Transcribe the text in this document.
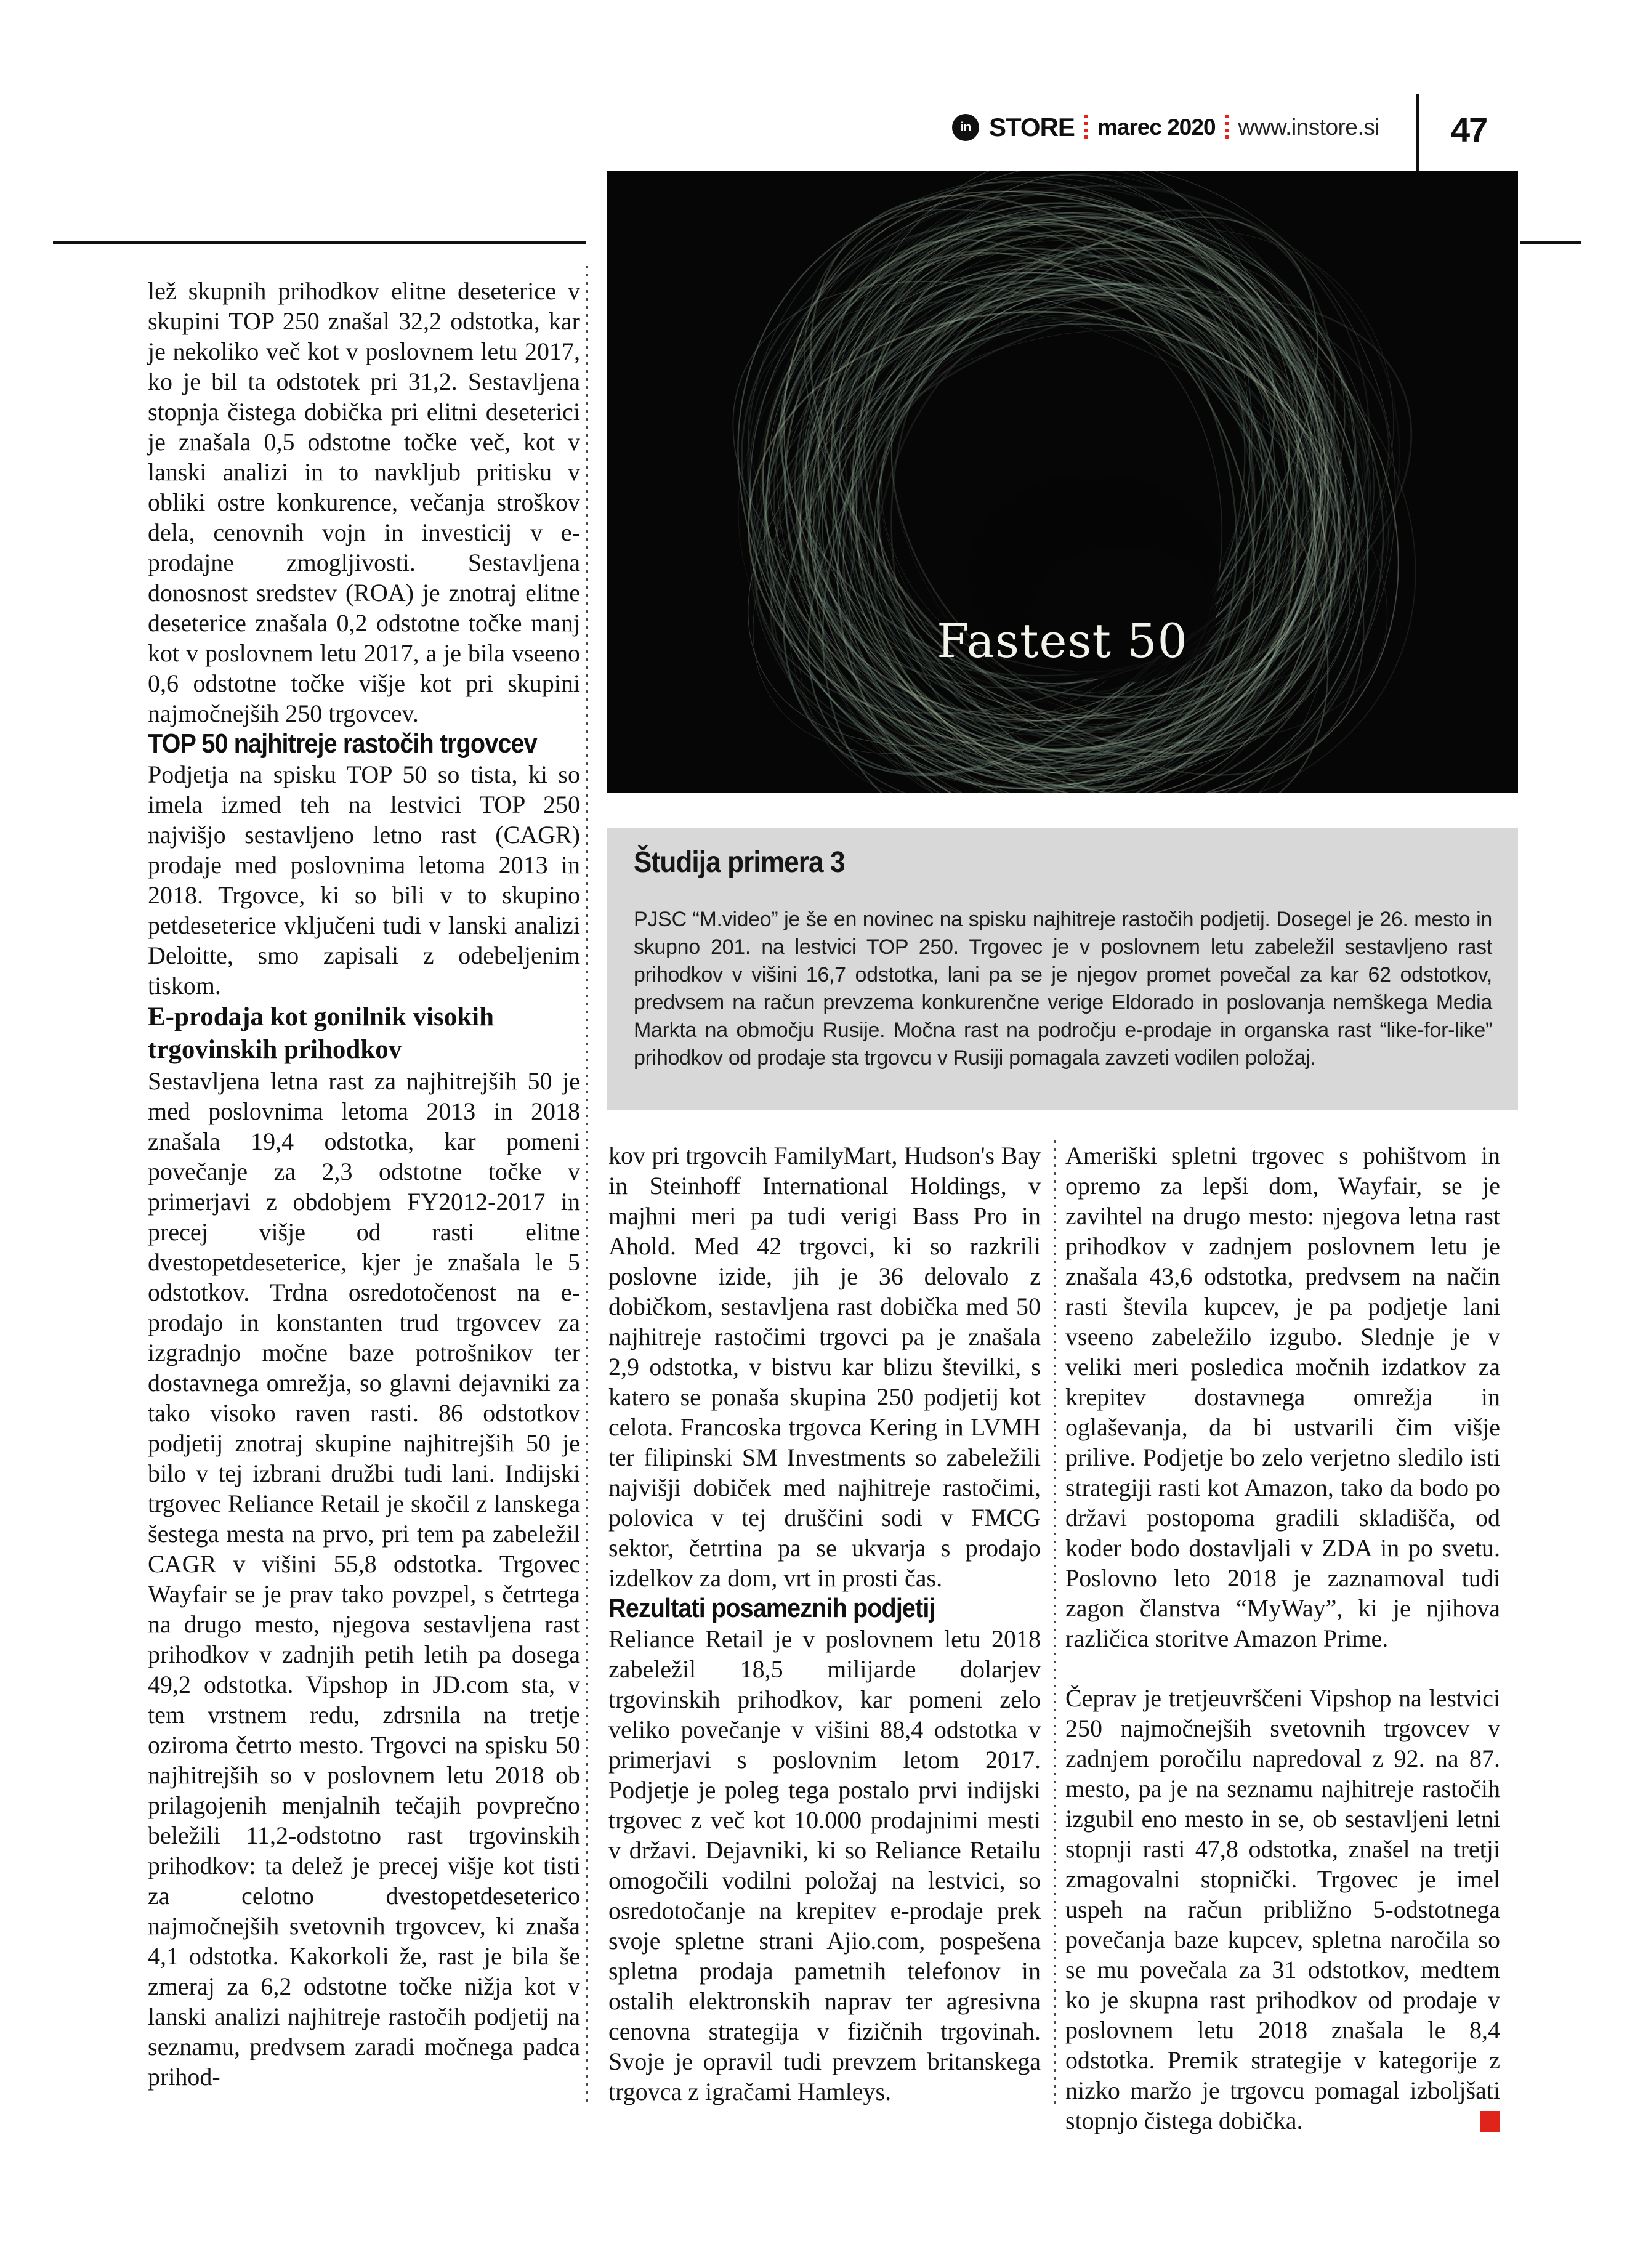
in STORE marec 2020 www.instore.si 47
Fastest 50
Študija primera 3
PJSC “M.video” je še en novinec na spisku najhitreje rastočih podjetij. Dosegel je 26. mesto in skupno 201. na lestvici TOP 250. Trgovec je v poslovnem letu zabeležil sestavljeno rast prihodkov v višini 16,7 odstotka, lani pa se je njegov promet povečal za kar 62 odstotkov, predvsem na račun prevzema konkurenčne verige Eldorado in poslovanja nemškega Media Markta na območju Rusije. Močna rast na področju e-prodaje in organska rast “like-for-like” prihodkov od prodaje sta trgovcu v Rusiji pomagala zavzeti vodilen položaj.

lež skupnih prihodkov elitne deseterice v skupini TOP 250 znašal 32,2 odstotka, kar je nekoliko več kot v poslovnem letu 2017, ko je bil ta odstotek pri 31,2. Sestavljena stopnja čistega dobička pri elitni deseterici je znašala 0,5 odstotne točke več, kot v lanski analizi in to navkljub pritisku v obliki ostre konkurence, večanja stroškov dela, cenovnih vojn in investicij v e-prodajne zmogljivosti. Sestavljena donosnost sredstev (ROA) je znotraj elitne deseterice znašala 0,2 odstotne točke manj kot v poslovnem letu 2017, a je bila vseeno 0,6 odstotne točke višje kot pri skupini najmočnejših 250 trgovcev.

TOP 50 najhitreje rastočih trgovcev

Podjetja na spisku TOP 50 so tista, ki so imela izmed teh na lestvici TOP 250 najvišjo sestavljeno letno rast (CAGR) prodaje med poslovnima letoma 2013 in 2018. Trgovce, ki so bili v to skupino petdeseterice vključeni tudi v lanski analizi Deloitte, smo zapisali z odebeljenim tiskom.

E-prodaja kot gonilnik visokih trgovinskih prihodkov

Sestavljena letna rast za najhitrejših 50 je med poslovnima letoma 2013 in 2018 znašala 19,4 odstotka, kar pomeni povečanje za 2,3 odstotne točke v primerjavi z obdobjem FY2012-2017 in precej višje od rasti elitne dvestopetdeseterice, kjer je znašala le 5 odstotkov. Trdna osredotočenost na e-prodajo in konstanten trud trgovcev za izgradnjo močne baze potrošnikov ter dostavnega omrežja, so glavni dejavniki za tako visoko raven rasti. 86 odstotkov podjetij znotraj skupine najhitrejših 50 je bilo v tej izbrani družbi tudi lani. Indijski trgovec Reliance Retail je skočil z lanskega šestega mesta na prvo, pri tem pa zabeležil CAGR v višini 55,8 odstotka. Trgovec Wayfair se je prav tako povzpel, s četrtega na drugo mesto, njegova sestavljena rast prihodkov v zadnjih petih letih pa dosega 49,2 odstotka. Vipshop in JD.com sta, v tem vrstnem redu, zdrsnila na tretje oziroma četrto mesto. Trgovci na spisku 50 najhitrejših so v poslovnem letu 2018 ob prilagojenih menjalnih tečajih povprečno beležili 11,2-odstotno rast trgovinskih prihodkov: ta delež je precej višje kot tisti za celotno dvestopetdeseterico najmočnejših svetovnih trgovcev, ki znaša 4,1 odstotka. Kakorkoli že, rast je bila še zmeraj za 6,2 odstotne točke nižja kot v lanski analizi najhitreje rastočih podjetij na seznamu, predvsem zaradi močnega padca prihod-

kov pri trgovcih FamilyMart, Hudson's Bay in Steinhoff International Holdings, v majhni meri pa tudi verigi Bass Pro in Ahold. Med 42 trgovci, ki so razkrili poslovne izide, jih je 36 delovalo z dobičkom, sestavljena rast dobička med 50 najhitreje rastočimi trgovci pa je znašala 2,9 odstotka, v bistvu kar blizu številki, s katero se ponaša skupina 250 podjetij kot celota. Francoska trgovca Kering in LVMH ter filipinski SM Investments so zabeležili najvišji dobiček med najhitreje rastočimi, polovica v tej druščini sodi v FMCG sektor, četrtina pa se ukvarja s prodajo izdelkov za dom, vrt in prosti čas.

Rezultati posameznih podjetij

Reliance Retail je v poslovnem letu 2018 zabeležil 18,5 milijarde dolarjev trgovinskih prihodkov, kar pomeni zelo veliko povečanje v višini 88,4 odstotka v primerjavi s poslovnim letom 2017. Podjetje je poleg tega postalo prvi indijski trgovec z več kot 10.000 prodajnimi mesti v državi. Dejavniki, ki so Reliance Retailu omogočili vodilni položaj na lestvici, so osredotočanje na krepitev e-prodaje prek svoje spletne strani Ajio.com, pospešena spletna prodaja pametnih telefonov in ostalih elektronskih naprav ter agresivna cenovna strategija v fizičnih trgovinah. Svoje je opravil tudi prevzem britanskega trgovca z igračami Hamleys.

Ameriški spletni trgovec s pohištvom in opremo za lepši dom, Wayfair, se je zavihtel na drugo mesto: njegova letna rast prihodkov v zadnjem poslovnem letu je znašala 43,6 odstotka, predvsem na način rasti števila kupcev, je pa podjetje lani vseeno zabeležilo izgubo. Slednje je v veliki meri posledica močnih izdatkov za krepitev dostavnega omrežja in oglaševanja, da bi ustvarili čim višje prilive. Podjetje bo zelo verjetno sledilo isti strategiji rasti kot Amazon, tako da bodo po državi postopoma gradili skladišča, od koder bodo dostavljali v ZDA in po svetu. Poslovno leto 2018 je zaznamoval tudi zagon članstva “MyWay”, ki je njihova različica storitve Amazon Prime.

Čeprav je tretjeuvrščeni Vipshop na lestvici 250 najmočnejših svetovnih trgovcev v zadnjem poročilu napredoval z 92. na 87. mesto, pa je na seznamu najhitreje rastočih izgubil eno mesto in se, ob sestavljeni letni stopnji rasti 47,8 odstotka, znašel na tretji zmagovalni stopnički. Trgovec je imel uspeh na račun približno 5-odstotnega povečanja baze kupcev, spletna naročila so se mu povečala za 31 odstotkov, medtem ko je skupna rast prihodkov od prodaje v poslovnem letu 2018 znašala le 8,4 odstotka. Premik strategije v kategorije z nizko maržo je trgovcu pomagal izboljšati stopnjo čistega dobička.
